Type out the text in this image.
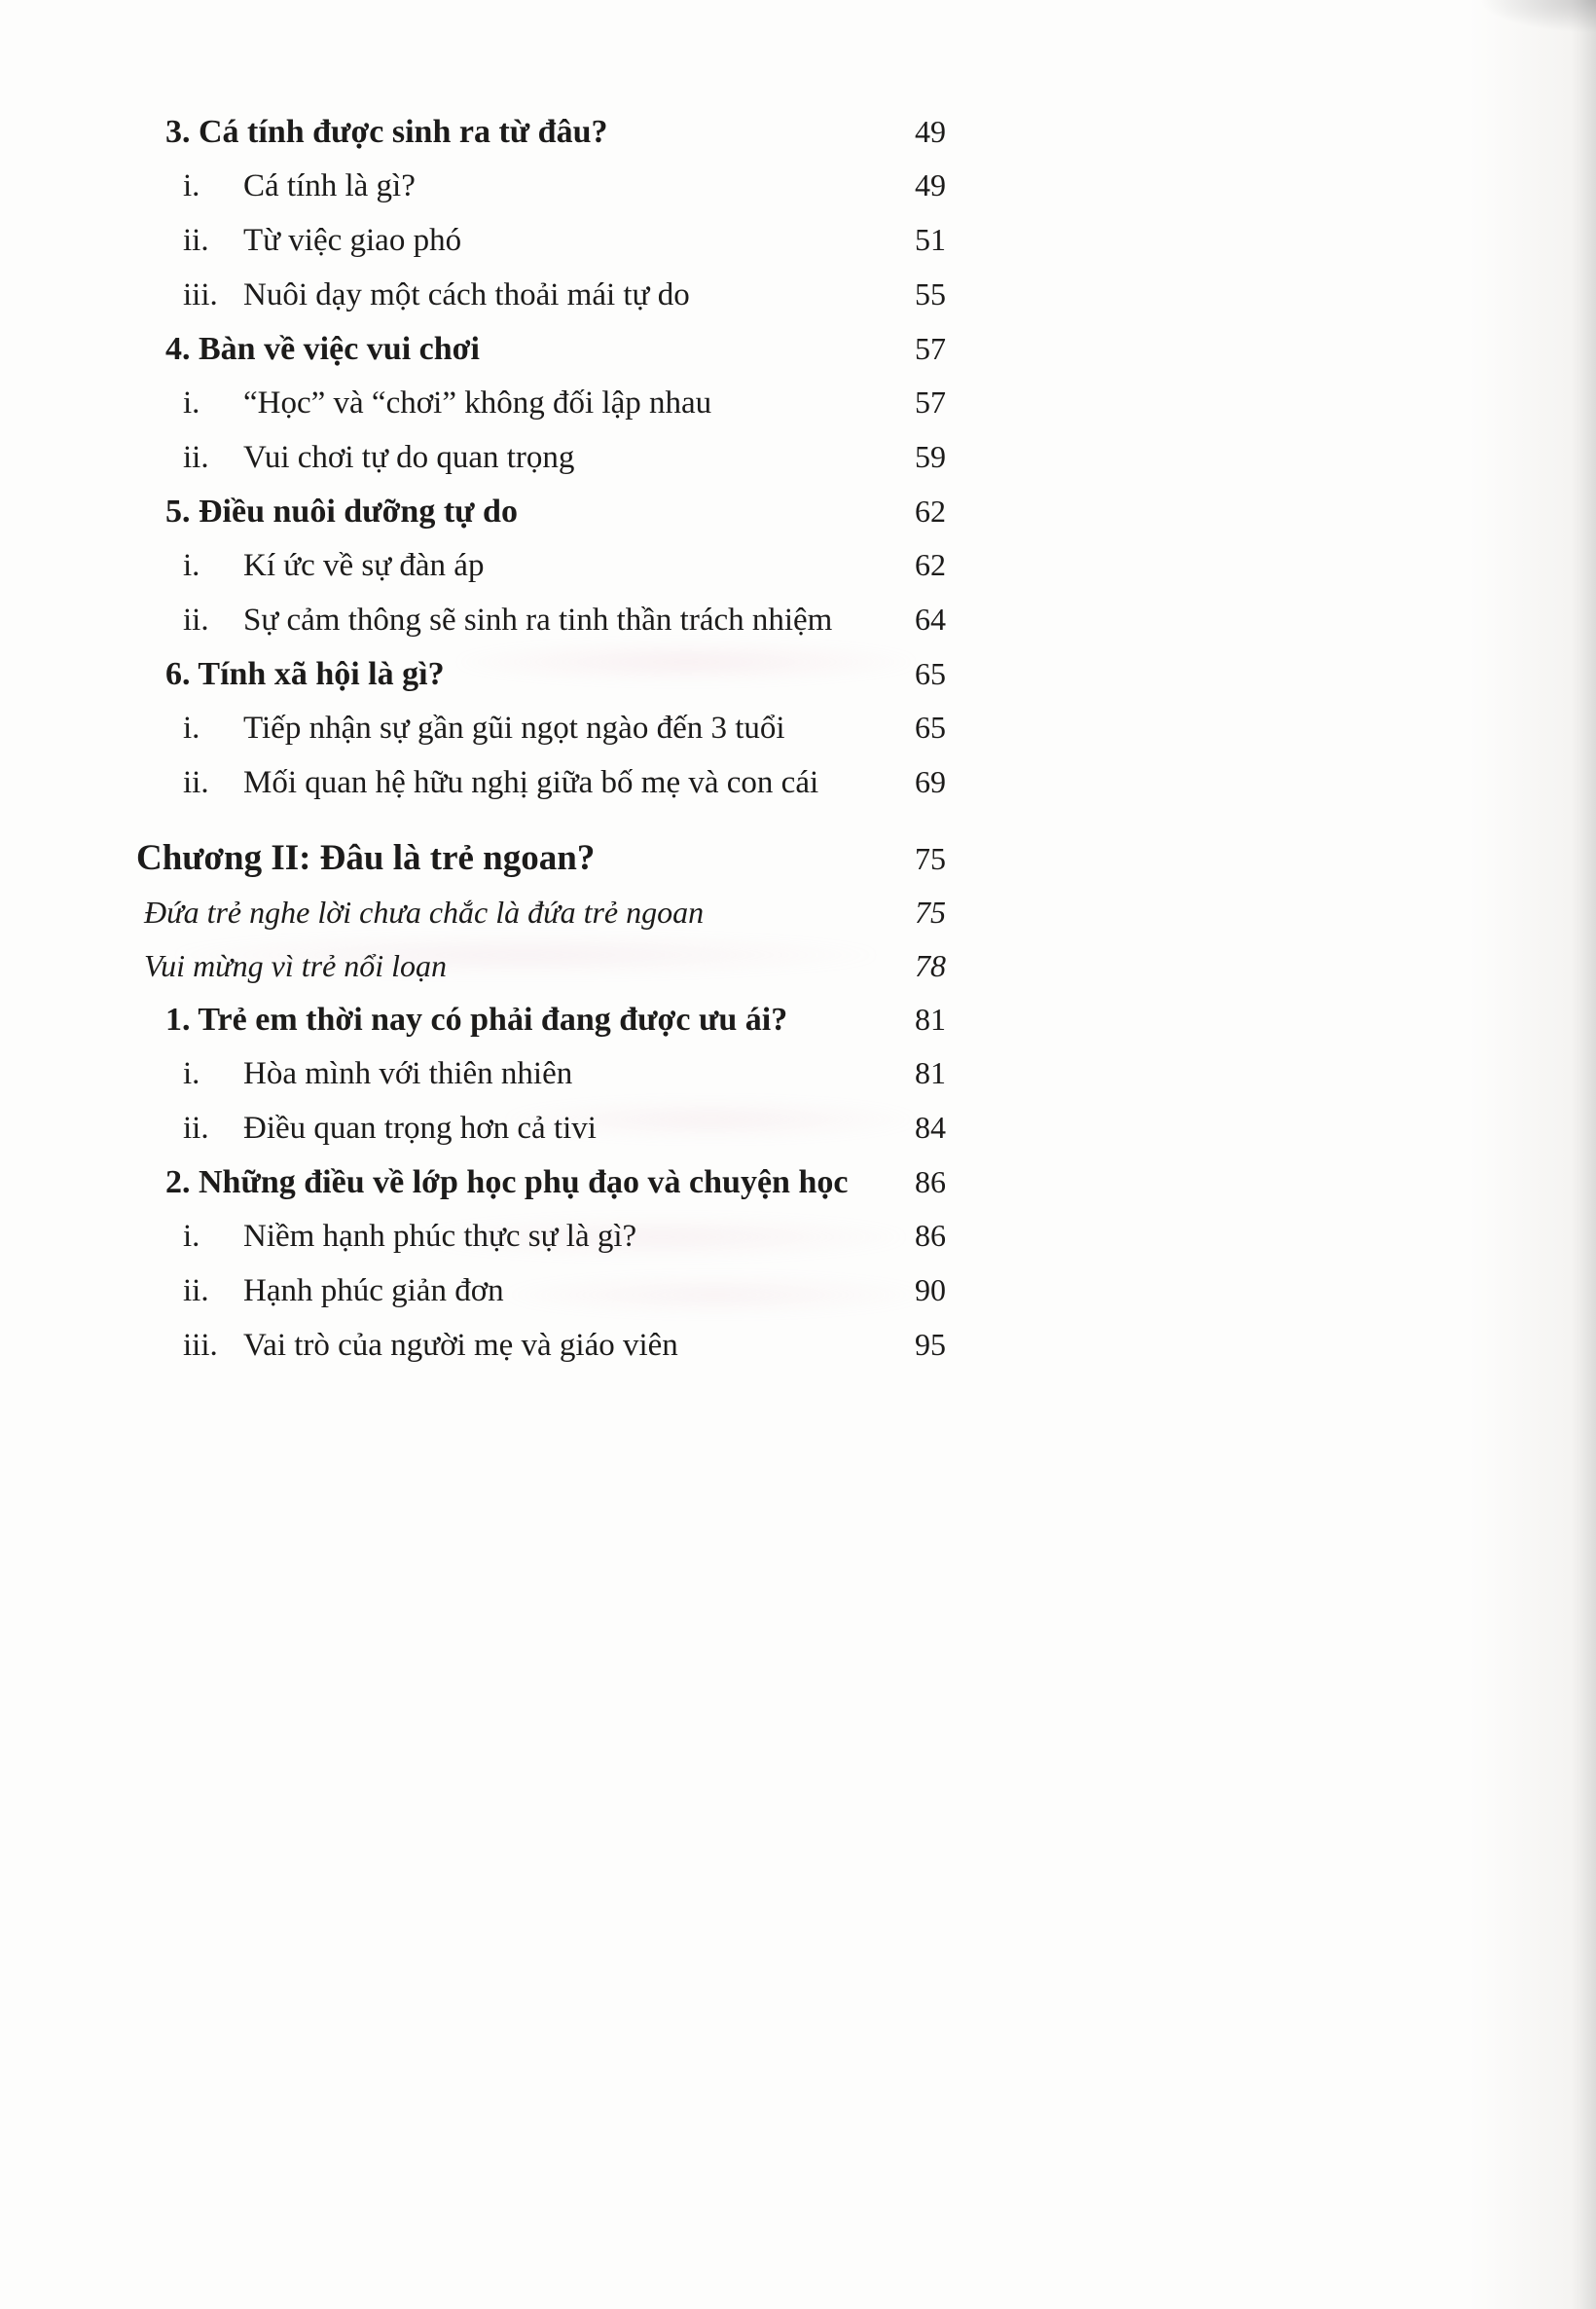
3. Cá tính được sinh ra từ đâu?	49
i.	Cá tính là gì?	49
ii.	Từ việc giao phó	51
iii. Nuôi dạy một cách thoải mái tự do	55
4. Bàn về việc vui chơi	57
i.	“Học” và “chơi” không đối lập nhau	57
ii.	Vui chơi tự do quan trọng	59
5. Điều nuôi dưỡng tự do	62
i.	Kí ức về sự đàn áp	62
ii.	Sự cảm thông sẽ sinh ra tinh thần trách nhiệm	64
6. Tính xã hội là gì?	65
i.	Tiếp nhận sự gần gũi ngọt ngào đến 3 tuổi	65
ii.	Mối quan hệ hữu nghị giữa bố mẹ và con cái	69
Chương II: Đâu là trẻ ngoan?	75
Đứa trẻ nghe lời chưa chắc là đứa trẻ ngoan	75
Vui mừng vì trẻ nổi loạn	78
1. Trẻ em thời nay có phải đang được ưu ái?	81
i.	Hòa mình với thiên nhiên	81
ii.	Điều quan trọng hơn cả tivi	84
2. Những điều về lớp học phụ đạo và chuyện học	86
i.	Niềm hạnh phúc thực sự là gì?	86
ii.	Hạnh phúc giản đơn	90
iii. Vai trò của người mẹ và giáo viên	95
